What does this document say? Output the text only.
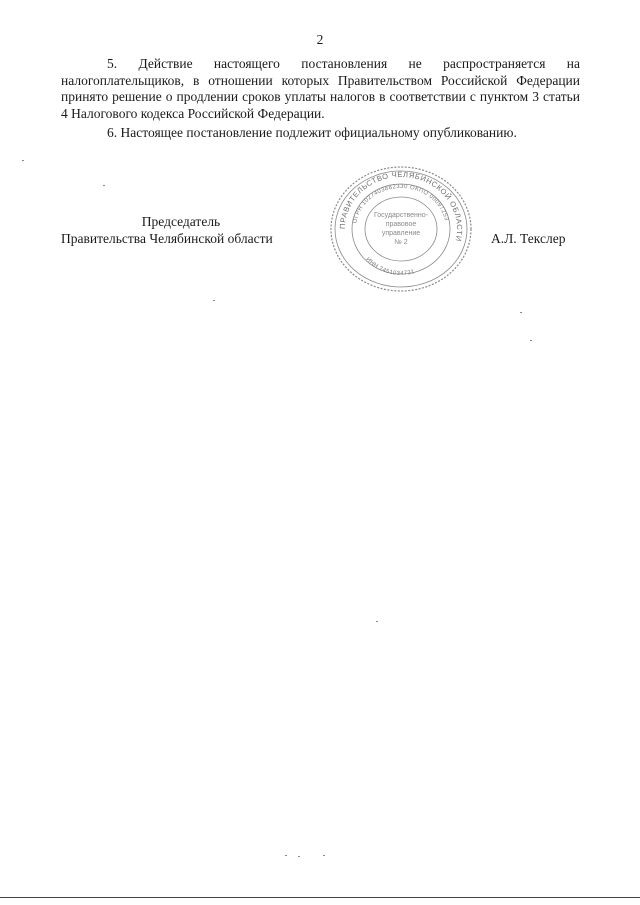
2

5. Действие настоящего постановления не распространяется на налогоплательщиков, в отношении которых Правительством Российской Федерации принято решение о продлении сроков уплаты налогов в соответствии с пунктом 3 статьи 4 Налогового кодекса Российской Федерации.

6. Настоящее постановление подлежит официальному опубликованию.

Председатель
Правительства Челябинской области	А.Л. Текслер
ПРАВИТЕЛЬСТВО ЧЕЛЯБИНСКОЙ ОБЛАСТИ
ОГРН 1027403882330 ОКПО 00097253
ИНН 7451034731
Государственно-
правовое
управление
№ 2
